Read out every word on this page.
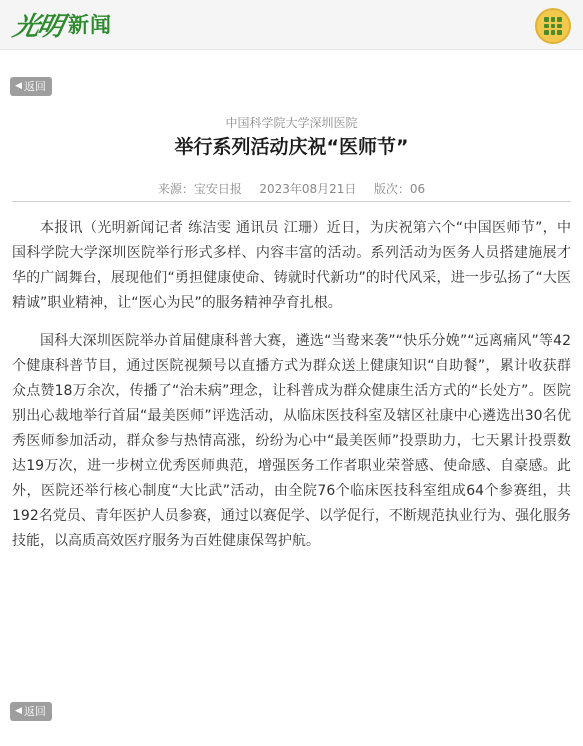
光明 新闻
◀ 返回
中国科学院大学深圳医院
举行系列活动庆祝“医师节”
来源：宝安日报 2023年08月21日 版次：06

本报讯（光明新闻记者 练洁雯 通讯员 江珊）近日，为庆祝第六个“中国医师节”，中国科学院大学深圳医院举行形式多样、内容丰富的活动。系列活动为医务人员搭建施展才华的广阔舞台，展现他们“勇担健康使命、铸就时代新功”的时代风采，进一步弘扬了“大医精诚”职业精神，让“医心为民”的服务精神孕育扎根。

国科大深圳医院举办首届健康科普大赛，遴选“当鸯来袭”“快乐分娩”“远离痛风”等42个健康科普节目，通过医院视频号以直播方式为群众送上健康知识“自助餐”，累计收获群众点赞18万余次，传播了“治未病”理念，让科普成为群众健康生活方式的“长处方”。医院别出心裁地举行首届“最美医师”评选活动，从临床医技科室及辖区社康中心遴选出30名优秀医师参加活动，群众参与热情高涨，纷纷为心中“最美医师”投票助力，七天累计投票数达19万次，进一步树立优秀医师典范，增强医务工作者职业荣誉感、使命感、自豪感。此外，医院还举行核心制度“大比武”活动，由全院76个临床医技科室组成64个参赛组，共192名党员、青年医护人员参赛，通过以赛促学、以学促行，不断规范执业行为、强化服务技能，以高质高效医疗服务为百姓健康保驾护航。

◀ 返回
